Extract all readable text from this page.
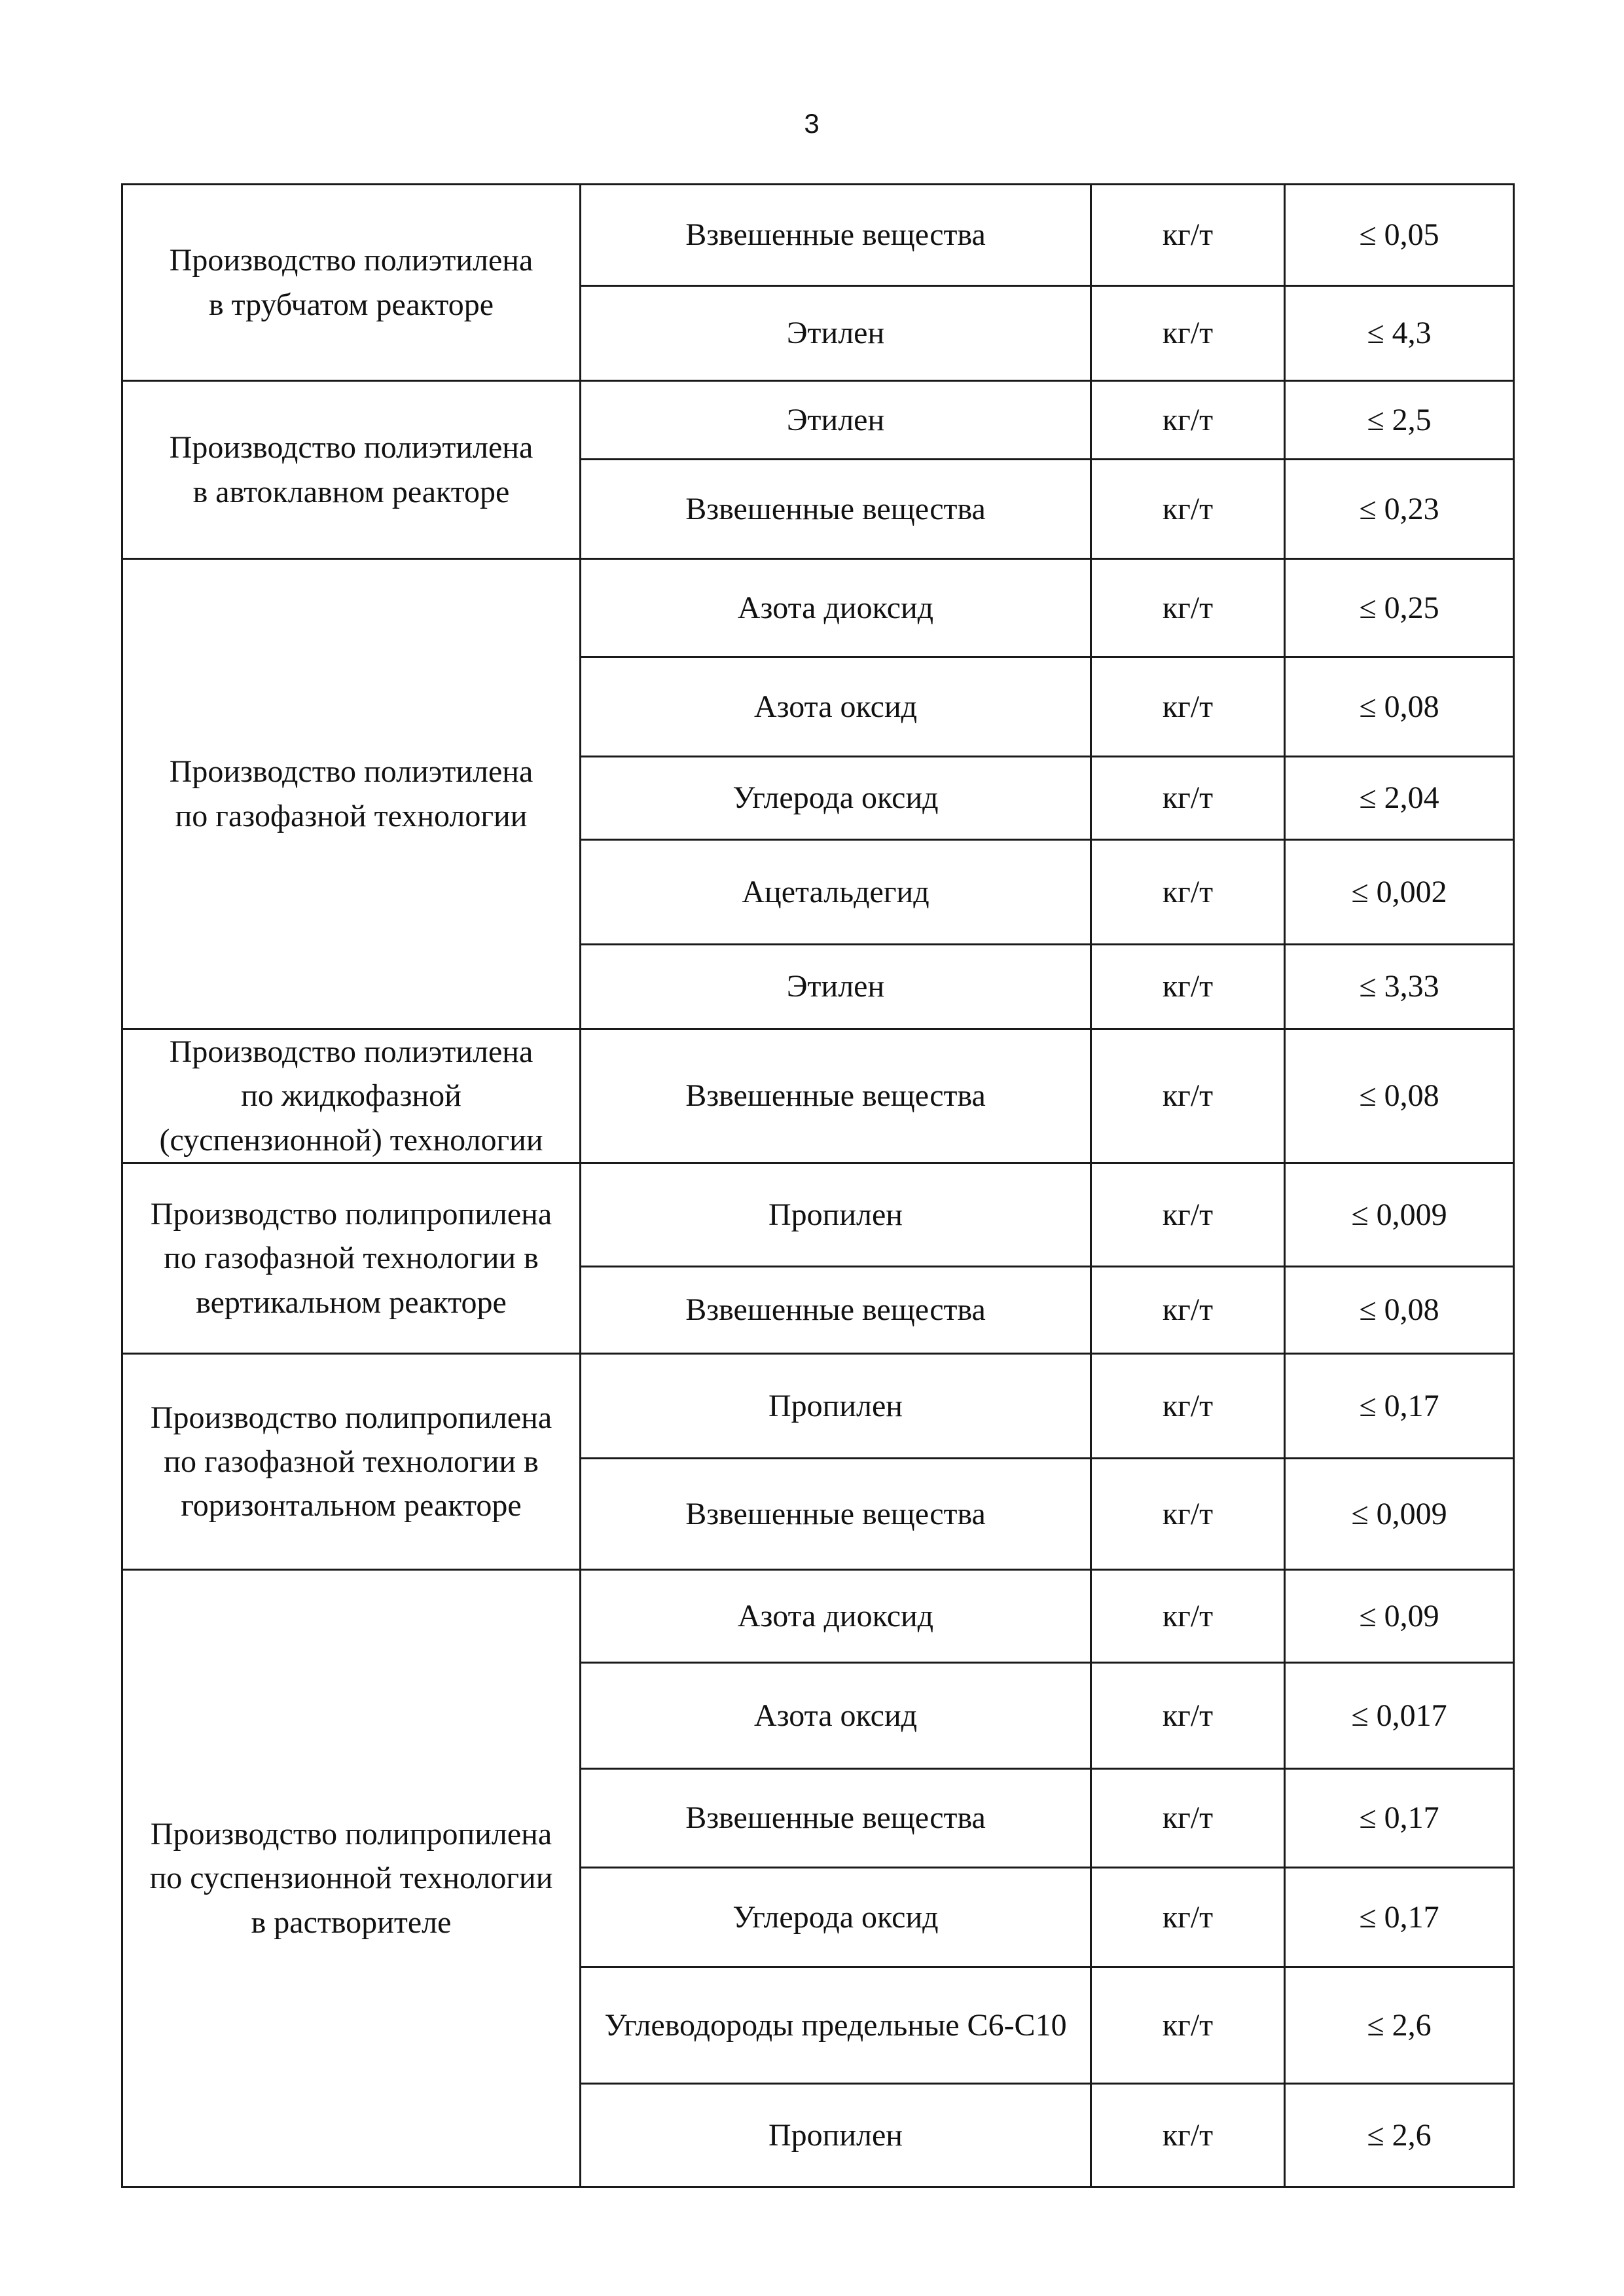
3
Производство полиэтилена
в трубчатом реакторе	Взвешенные вещества	кг/т	≤ 0,05
	Этилен	кг/т	≤ 4,3
Производство полиэтилена
в автоклавном реакторе	Этилен	кг/т	≤ 2,5
	Взвешенные вещества	кг/т	≤ 0,23
Производство полиэтилена
по газофазной технологии	Азота диоксид	кг/т	≤ 0,25
	Азота оксид	кг/т	≤ 0,08
	Углерода оксид	кг/т	≤ 2,04
	Ацетальдегид	кг/т	≤ 0,002
	Этилен	кг/т	≤ 3,33
Производство полиэтилена
по жидкофазной
(суспензионной) технологии	Взвешенные вещества	кг/т	≤ 0,08
Производство полипропилена
по газофазной технологии в
вертикальном реакторе	Пропилен	кг/т	≤ 0,009
	Взвешенные вещества	кг/т	≤ 0,08
Производство полипропилена
по газофазной технологии в
горизонтальном реакторе	Пропилен	кг/т	≤ 0,17
	Взвешенные вещества	кг/т	≤ 0,009
Производство полипропилена
по суспензионной технологии
в растворителе	Азота диоксид	кг/т	≤ 0,09
	Азота оксид	кг/т	≤ 0,017
	Взвешенные вещества	кг/т	≤ 0,17
	Углерода оксид	кг/т	≤ 0,17
	Углеводороды предельные С6-С10	кг/т	≤ 2,6
	Пропилен	кг/т	≤ 2,6
